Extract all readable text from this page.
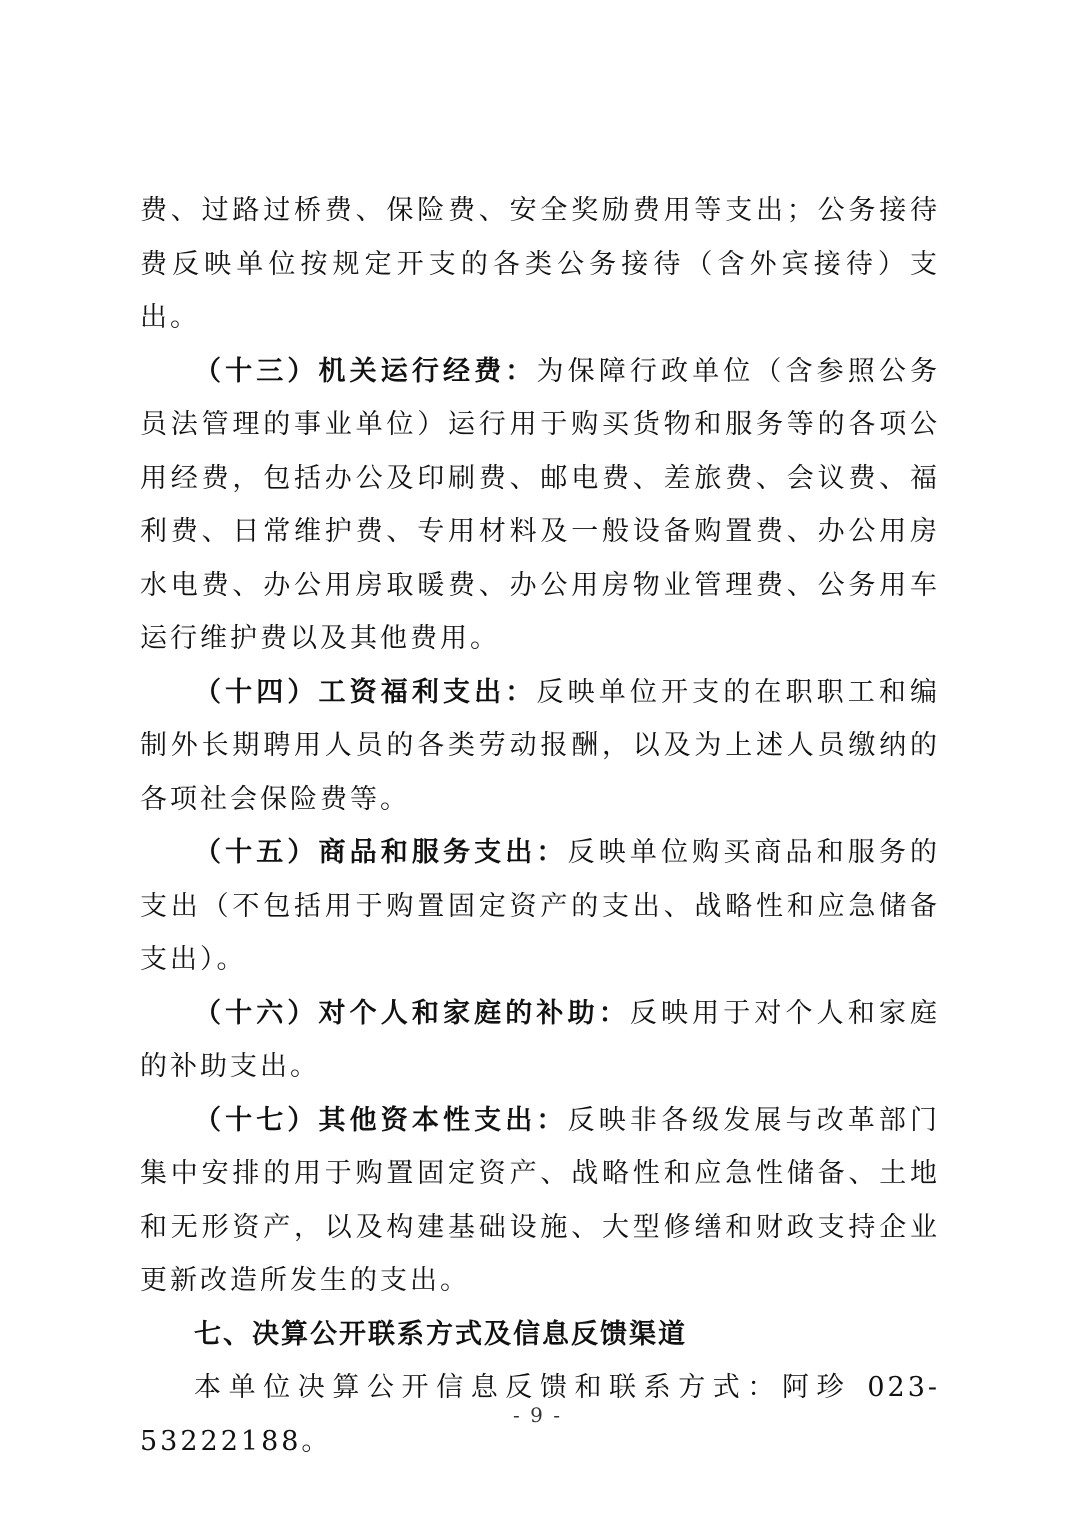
费、过路过桥费、保险费、安全奖励费用等支出；公务接待费反映单位按规定开支的各类公务接待（含外宾接待）支出。

（十三）机关运行经费：为保障行政单位（含参照公务员法管理的事业单位）运行用于购买货物和服务等的各项公用经费，包括办公及印刷费、邮电费、差旅费、会议费、福利费、日常维护费、专用材料及一般设备购置费、办公用房水电费、办公用房取暖费、办公用房物业管理费、公务用车运行维护费以及其他费用。

（十四）工资福利支出：反映单位开支的在职职工和编制外长期聘用人员的各类劳动报酬，以及为上述人员缴纳的各项社会保险费等。

（十五）商品和服务支出：反映单位购买商品和服务的支出（不包括用于购置固定资产的支出、战略性和应急储备支出）。

（十六）对个人和家庭的补助：反映用于对个人和家庭的补助支出。

（十七）其他资本性支出：反映非各级发展与改革部门集中安排的用于购置固定资产、战略性和应急性储备、土地和无形资产，以及构建基础设施、大型修缮和财政支持企业更新改造所发生的支出。

七、决算公开联系方式及信息反馈渠道

本单位决算公开信息反馈和联系方式：阿珍 023-53222188。

- 9 -
